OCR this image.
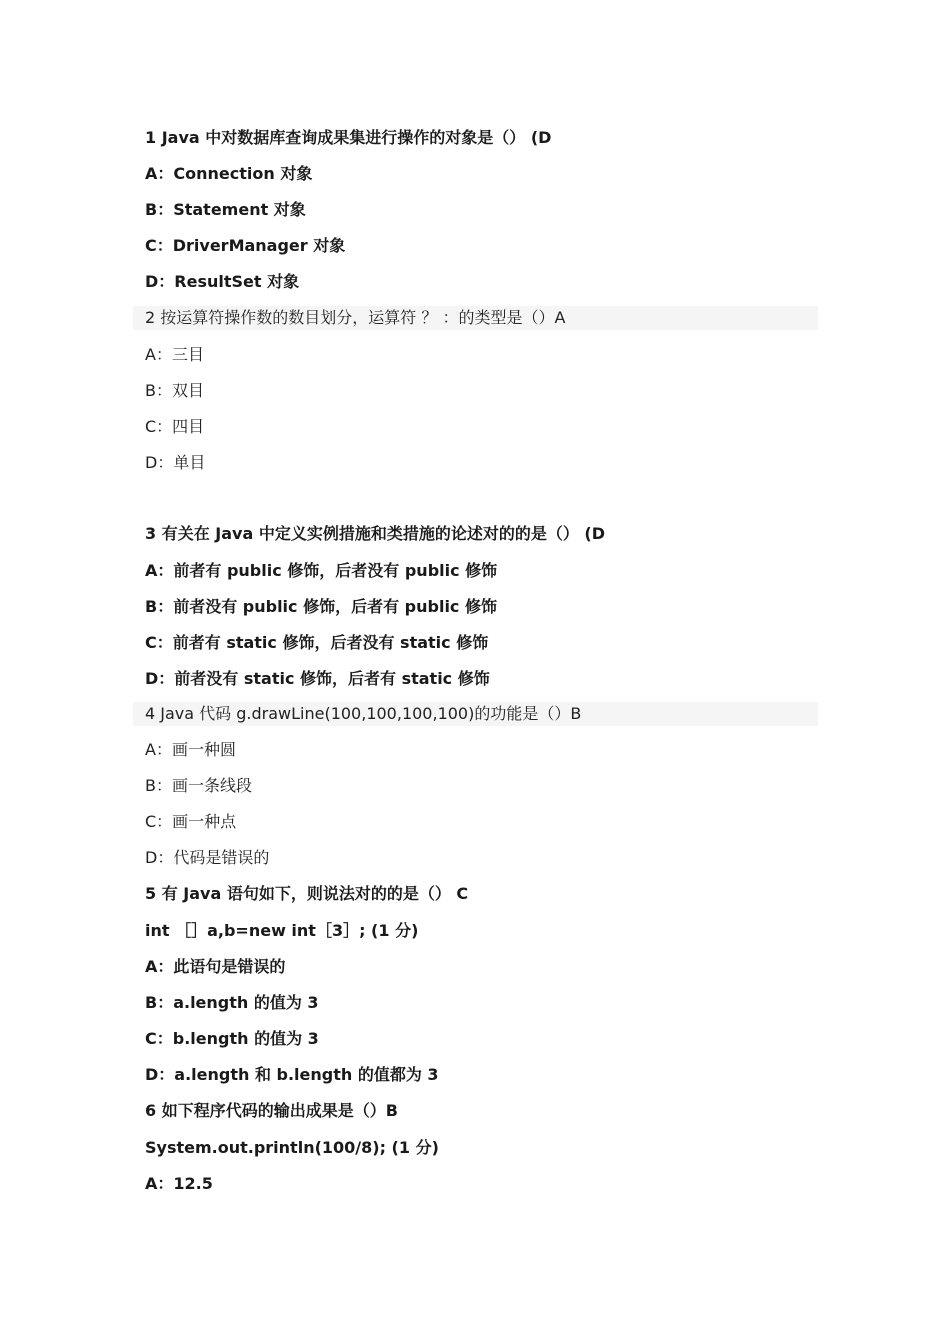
1 Java 中对数据库查询成果集进行操作的对象是（） (D
A：Connection 对象
B：Statement 对象
C：DriverManager 对象
D：ResultSet 对象
2 按运算符操作数的数目划分，运算符 ？ ：的类型是（）A
A：三目
B：双目
C：四目
D：单目
3 有关在 Java 中定义实例措施和类措施的论述对的的是（） (D
A：前者有 public 修饰，后者没有 public 修饰
B：前者没有 public 修饰，后者有 public 修饰
C：前者有 static 修饰，后者没有 static 修饰
D：前者没有 static 修饰，后者有 static 修饰
4 Java 代码 g.drawLine(100,100,100,100)的功能是（）B
A：画一种圆
B：画一条线段
C：画一种点
D：代码是错误的
5 有 Java 语句如下，则说法对的的是（） C
int ［］a,b=new int［3］; (1 分)
A：此语句是错误的
B：a.length 的值为 3
C：b.length 的值为 3
D：a.length 和 b.length 的值都为 3
6 如下程序代码的输出成果是（）B
System.out.println(100/8); (1 分)
A：12.5
